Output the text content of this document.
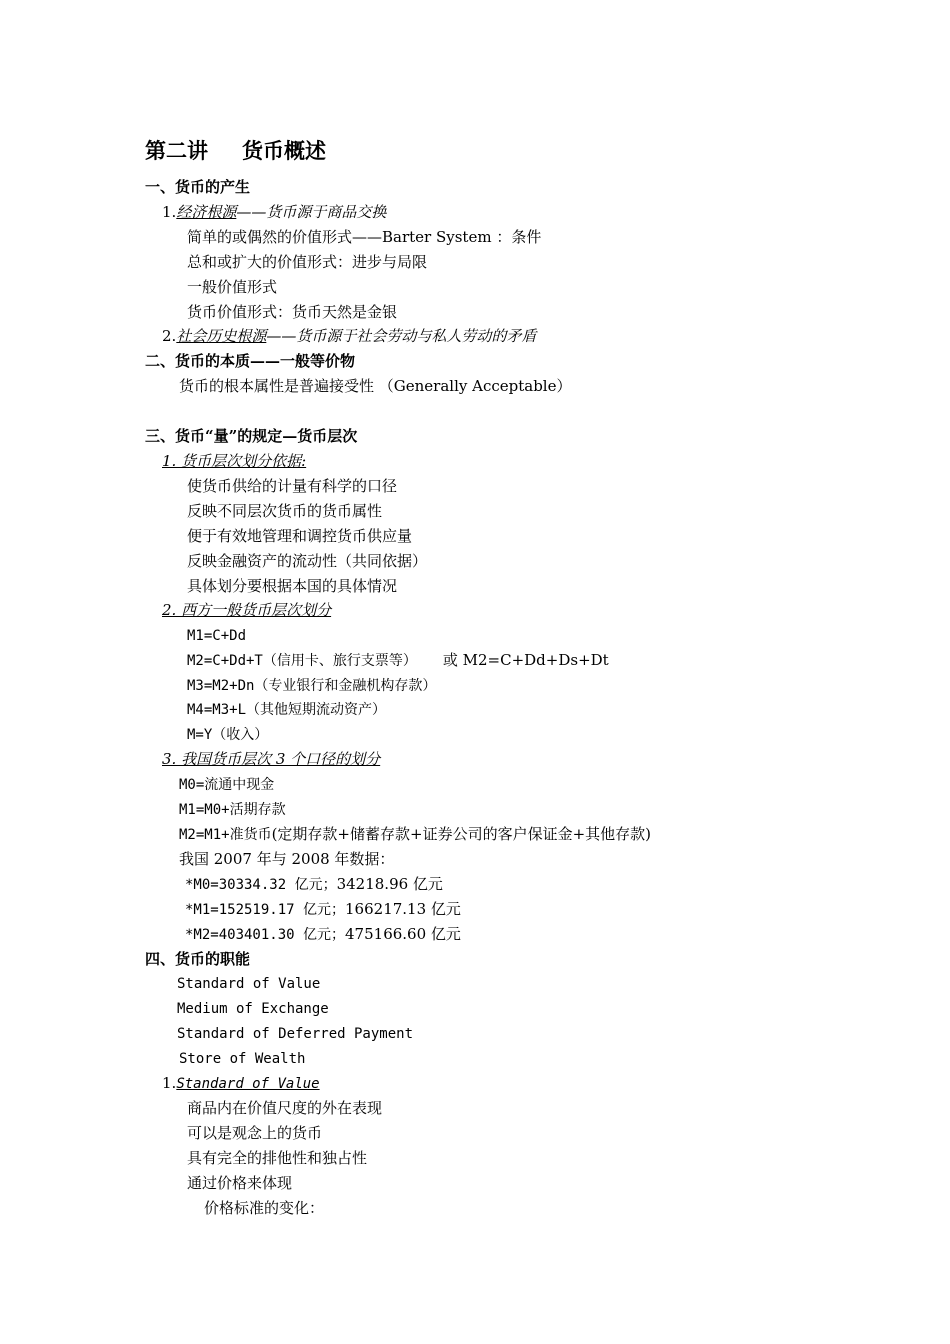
第二讲 货币概述
一、货币的产生
1.经济根源——货币源于商品交换
简单的或偶然的价值形式——Barter System ：条件
总和或扩大的价值形式：进步与局限
一般价值形式
货币价值形式：货币天然是金银
2.社会历史根源——货币源于社会劳动与私人劳动的矛盾
二、货币的本质——一般等价物
货币的根本属性是普遍接受性 （Generally Acceptable）
三、货币“量”的规定—货币层次
1. 货币层次划分依据:
使货币供给的计量有科学的口径
反映不同层次货币的货币属性
便于有效地管理和调控货币供应量
反映金融资产的流动性（共同依据）
具体划分要根据本国的具体情况
2. 西方一般货币层次划分
M1=C+Dd
M2=C+Dd+T（信用卡、旅行支票等） 或 M2=C+Dd+Ds+Dt
M3=M2+Dn（专业银行和金融机构存款）
M4=M3+L（其他短期流动资产）
M=Y（收入）
3. 我国货币层次 3 个口径的划分
M0=流通中现金
M1=M0+活期存款
M2=M1+准货币(定期存款+储蓄存款+证券公司的客户保证金+其他存款)
我国 2007 年与 2008 年数据：
*M0=30334.32 亿元；34218.96 亿元
*M1=152519.17 亿元；166217.13 亿元
*M2=403401.30 亿元；475166.60 亿元
四、货币的职能
Standard of Value
Medium of Exchange
Standard of Deferred Payment
Store of Wealth
1.Standard of Value
商品内在价值尺度的外在表现
可以是观念上的货币
具有完全的排他性和独占性
通过价格来体现
价格标准的变化：
